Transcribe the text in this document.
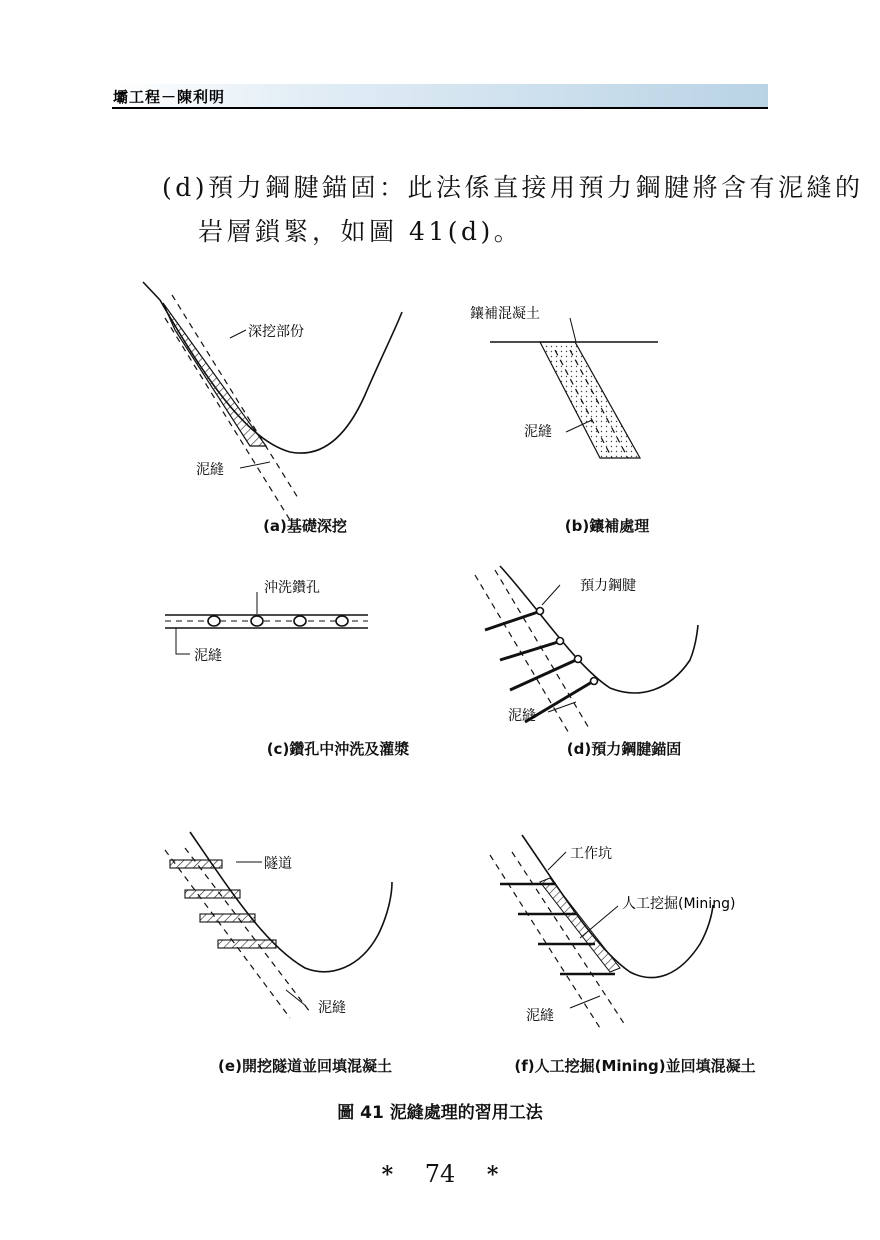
壩工程－陳利明
(d)預力鋼腱錨固：此法係直接用預力鋼腱將含有泥縫的
岩層鎖緊，如圖 41(d)。
深挖部份
泥縫
鑲補混凝土
泥縫
沖洗鑽孔
泥縫
預力鋼腱
泥縫
隧道
泥縫
工作坑
人工挖掘(Mining)
泥縫
(a)基礎深挖	(b)鑲補處理
(c)鑽孔中沖洗及灌漿	(d)預力鋼腱錨固
(e)開挖隧道並回填混凝土	(f)人工挖掘(Mining)並回填混凝土
圖 41 泥縫處理的習用工法
* 74 *
